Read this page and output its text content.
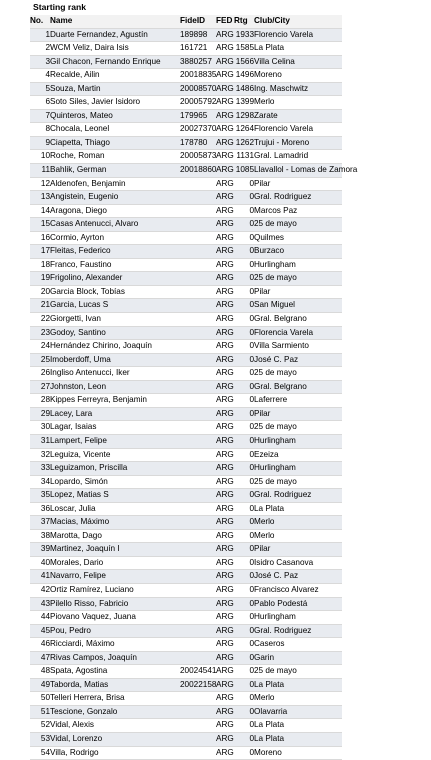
Starting rank
No.	Name	FideID	FED	Rtg	Club/City
1	Duarte Fernandez, Agustín	189898	ARG	1933	Florencio Varela
2	WCM Veliz, Daira Isis	161721	ARG	1585	La Plata
3	Gil Chacon, Fernando Enrique	3880257	ARG	1566	Villa Celina
4	Recalde, Ailin	20018835	ARG	1496	Moreno
5	Souza, Martin	20008570	ARG	1486	Ing. Maschwitz
6	Soto Siles, Javier Isidoro	20005792	ARG	1399	Merlo
7	Quinteros, Mateo	179965	ARG	1298	Zarate
8	Chocala, Leonel	20027370	ARG	1264	Florencio Varela
9	Ciapetta, Thiago	178780	ARG	1262	Trujui - Moreno
10	Roche, Roman	20005873	ARG	1131	Gral. Lamadrid
11	Bahlik, German	20018860	ARG	1085	Llavallol - Lomas de Zamora
12	Aldenofen, Benjamin		ARG	0	Pilar
13	Angistein, Eugenio		ARG	0	Gral. Rodriguez
14	Aragona, Diego		ARG	0	Marcos Paz
15	Casas Antenucci, Alvaro		ARG	0	25 de mayo
16	Cormio, Ayrton		ARG	0	Quilmes
17	Fleitas, Federico		ARG	0	Burzaco
18	Franco, Faustino		ARG	0	Hurlingham
19	Frigolino, Alexander		ARG	0	25 de mayo
20	Garcia Block, Tobías		ARG	0	Pilar
21	Garcia, Lucas S		ARG	0	San Miguel
22	Giorgetti, Ivan		ARG	0	Gral. Belgrano
23	Godoy, Santino		ARG	0	Florencia Varela
24	Hernández Chirino, Joaquín		ARG	0	Villa Sarmiento
25	Imoberdoff, Uma		ARG	0	José C. Paz
26	Ingliso Antenucci, Iker		ARG	0	25 de mayo
27	Johnston, Leon		ARG	0	Gral. Belgrano
28	Kippes Ferreyra, Benjamin		ARG	0	Laferrere
29	Lacey, Lara		ARG	0	Pilar
30	Lagar, Isaias		ARG	0	25 de mayo
31	Lampert, Felipe		ARG	0	Hurlingham
32	Leguiza, Vicente		ARG	0	Ezeiza
33	Leguizamon, Priscilla		ARG	0	Hurlingham
34	Lopardo, Simón		ARG	0	25 de mayo
35	Lopez, Matias S		ARG	0	Gral. Rodriguez
36	Loscar, Julia		ARG	0	La Plata
37	Macias, Máximo		ARG	0	Merlo
38	Marotta, Dago		ARG	0	Merlo
39	Martinez, Joaquín I		ARG	0	Pilar
40	Morales, Dario		ARG	0	Isidro Casanova
41	Navarro, Felipe		ARG	0	José C. Paz
42	Ortiz Ramírez, Luciano		ARG	0	Francisco Alvarez
43	Pilello Risso, Fabricio		ARG	0	Pablo Podestá
44	Piovano Vaquez, Juana		ARG	0	Hurlingham
45	Pou, Pedro		ARG	0	Gral. Rodriguez
46	Ricciardi, Máximo		ARG	0	Caseros
47	Rivas Campos, Joaquín		ARG	0	Garin
48	Spata, Agostina	20024541	ARG	0	25 de mayo
49	Taborda, Matias	20022158	ARG	0	La Plata
50	Telleri Herrera, Brisa		ARG	0	Merlo
51	Tescione, Gonzalo		ARG	0	Olavarria
52	Vidal, Alexis		ARG	0	La Plata
53	Vidal, Lorenzo		ARG	0	La Plata
54	Villa, Rodrigo		ARG	0	Moreno
